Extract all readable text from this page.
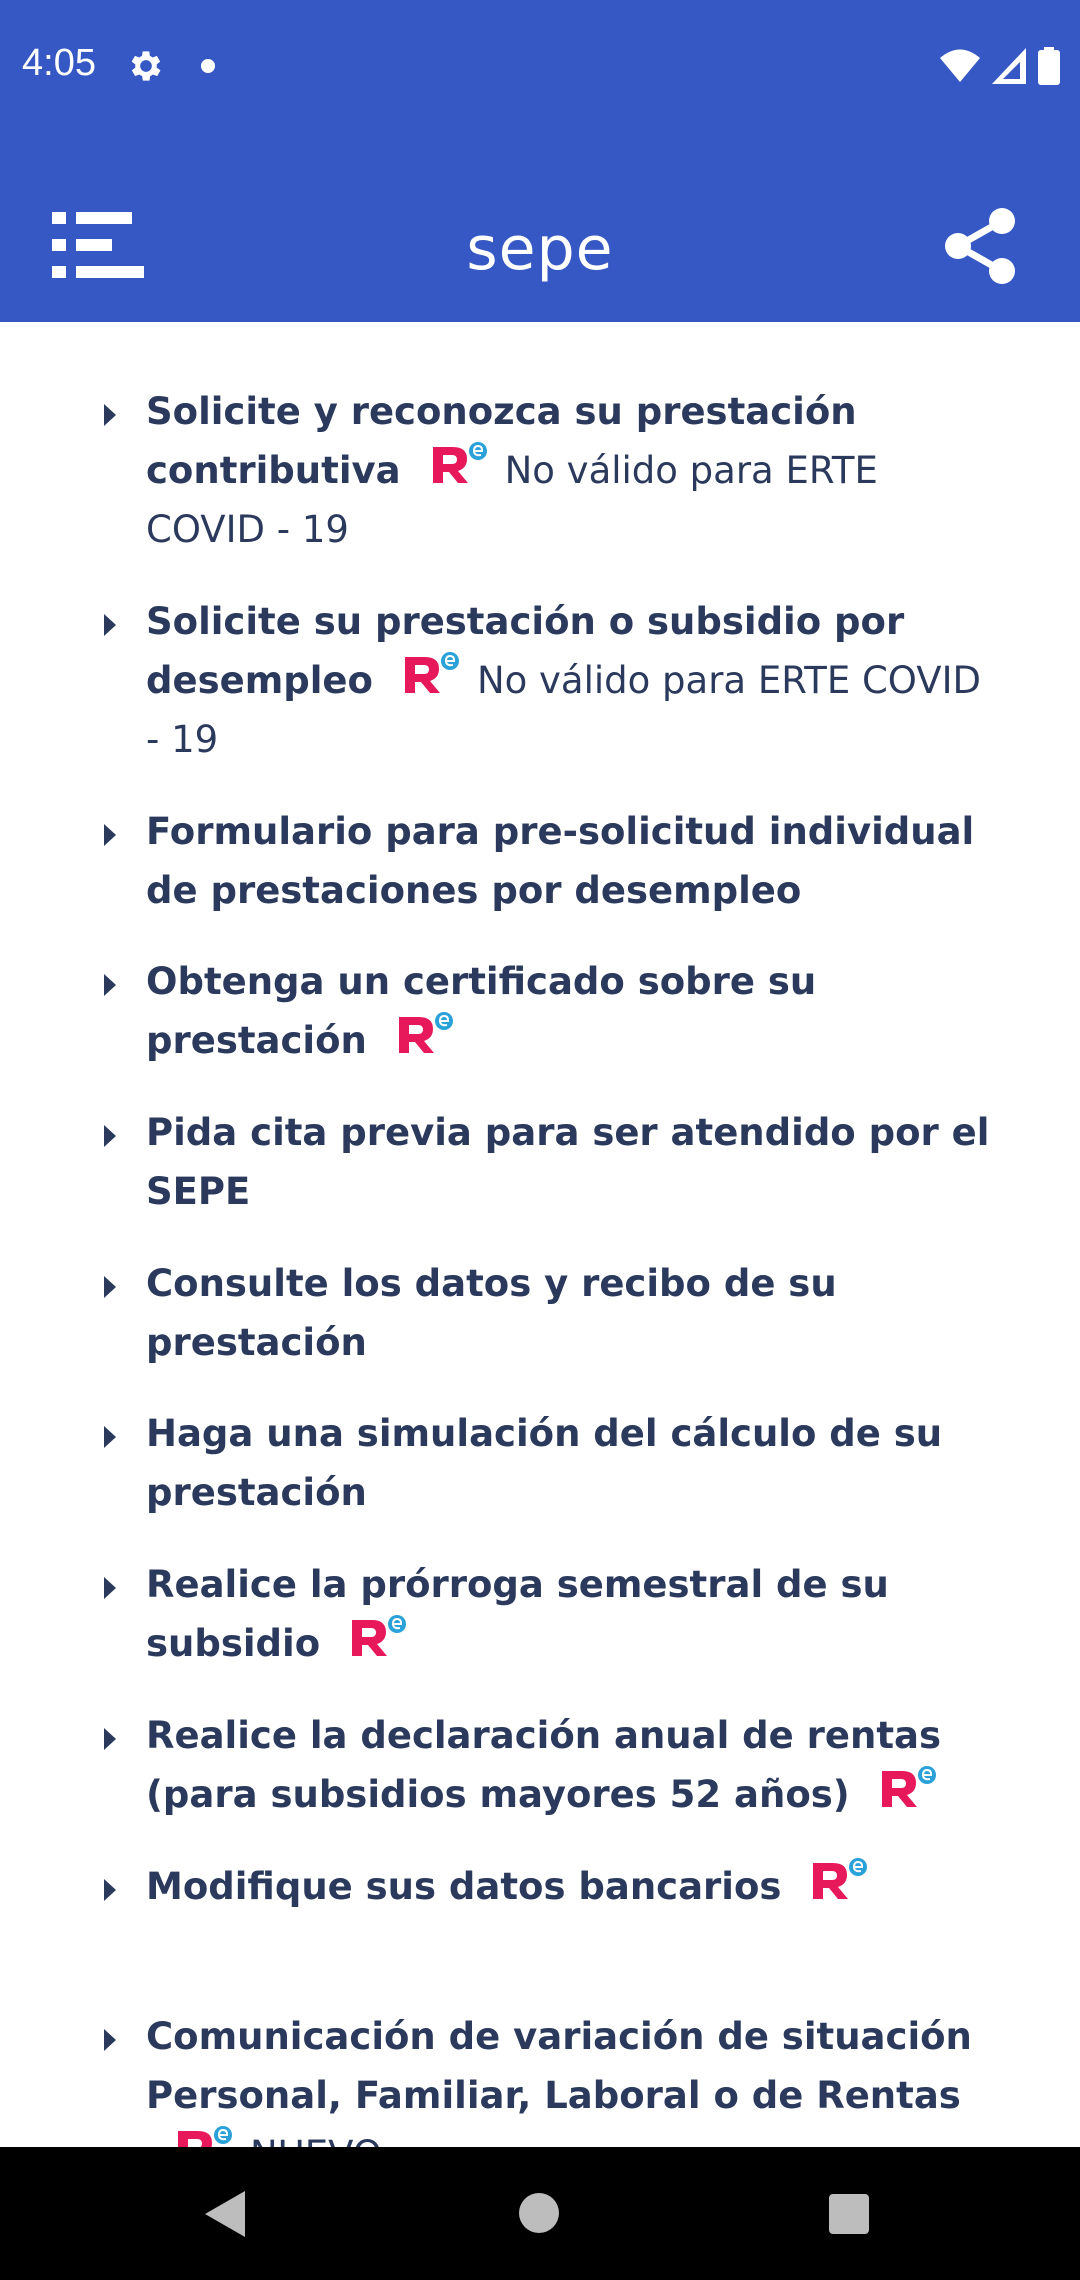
4:05
sepe
Solicite y reconozca su prestación contributiva	No válido para ERTE COVID - 19
Solicite su prestación o subsidio por desempleo	No válido para ERTE COVID - 19
Formulario para pre-solicitud individual de prestaciones por desempleo
Obtenga un certificado sobre su prestación
Pida cita previa para ser atendido por el SEPE
Consulte los datos y recibo de su prestación
Haga una simulación del cálculo de su prestación
Realice la prórroga semestral de su subsidio
Realice la declaración anual de rentas (para subsidios mayores 52 años)
Modifique sus datos bancarios
Comunicación de variación de situación Personal, Familiar, Laboral o de Rentas
